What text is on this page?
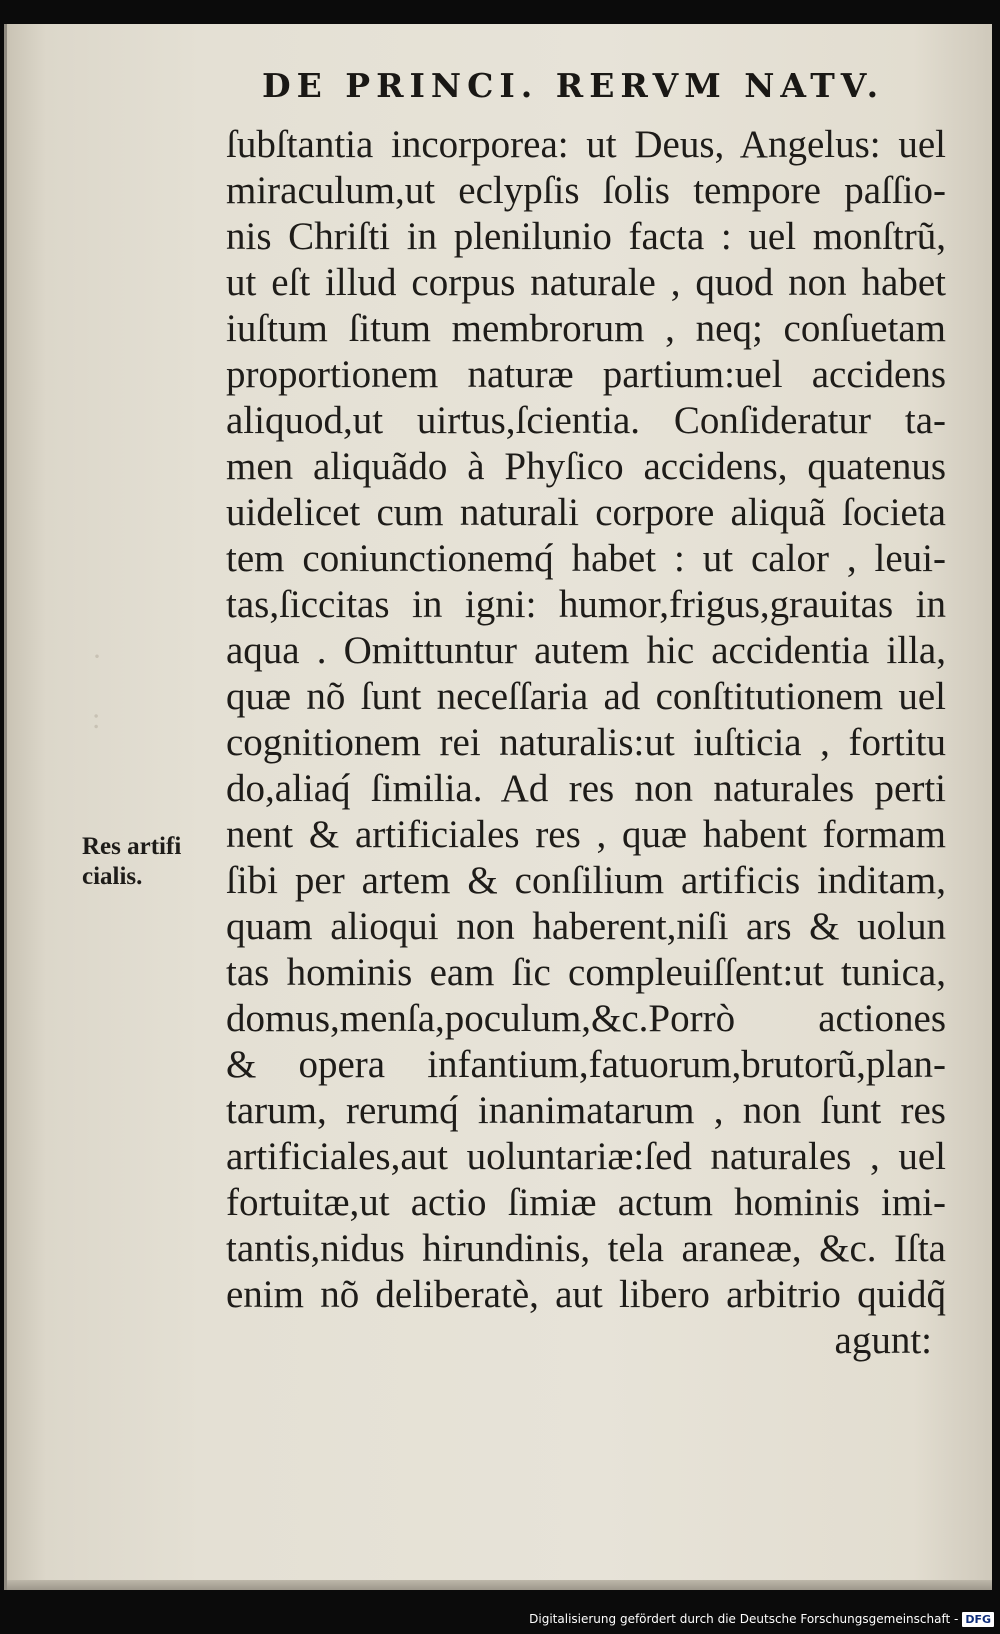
·
:
DE PRINCI. RERVM NATV.
ſubſtantia incorporea: ut Deus, Angelus: uel
miraculum,ut eclypſis ſolis tempore paſſio-
nis Chriſti in plenilunio facta : uel monſtrũ,
ut eſt illud corpus naturale , quod non habet
iuſtum ſitum membrorum , neq; conſuetam
proportionem naturæ partium:uel accidens
aliquod,ut uirtus,ſcientia. Conſideratur ta-
men aliquãdo à Phyſico accidens, quatenus
uidelicet cum naturali corpore aliquã ſocieta
tem coniunctionemq́ habet : ut calor , leui-
tas,ſiccitas in igni: humor,frigus,grauitas in
aqua . Omittuntur autem hic accidentia illa,
quæ nõ ſunt neceſſaria ad conſtitutionem uel
cognitionem rei naturalis:ut iuſticia , fortitu
do,aliaq́ ſimilia. Ad res non naturales perti
nent & artificiales res , quæ habent formam
ſibi per artem & conſilium artificis inditam,
quam alioqui non haberent,niſi ars & uolun
tas hominis eam ſic compleuiſſent:ut tunica,
domus,menſa,poculum,&c.Porrò actiones
& opera infantium,fatuorum,brutorũ,plan-
tarum, rerumq́ inanimatarum , non ſunt res
artificiales,aut uoluntariæ:ſed naturales , uel
fortuitæ,ut actio ſimiæ actum hominis imi-
tantis,nidus hirundinis, tela araneæ, &c. Iſta
enim nõ deliberatè, aut libero arbitrio quidq̃
agunt:
Res artifi
cialis.
Digitalisierung gefördert durch die Deutsche Forschungsgemeinschaft - DFG
